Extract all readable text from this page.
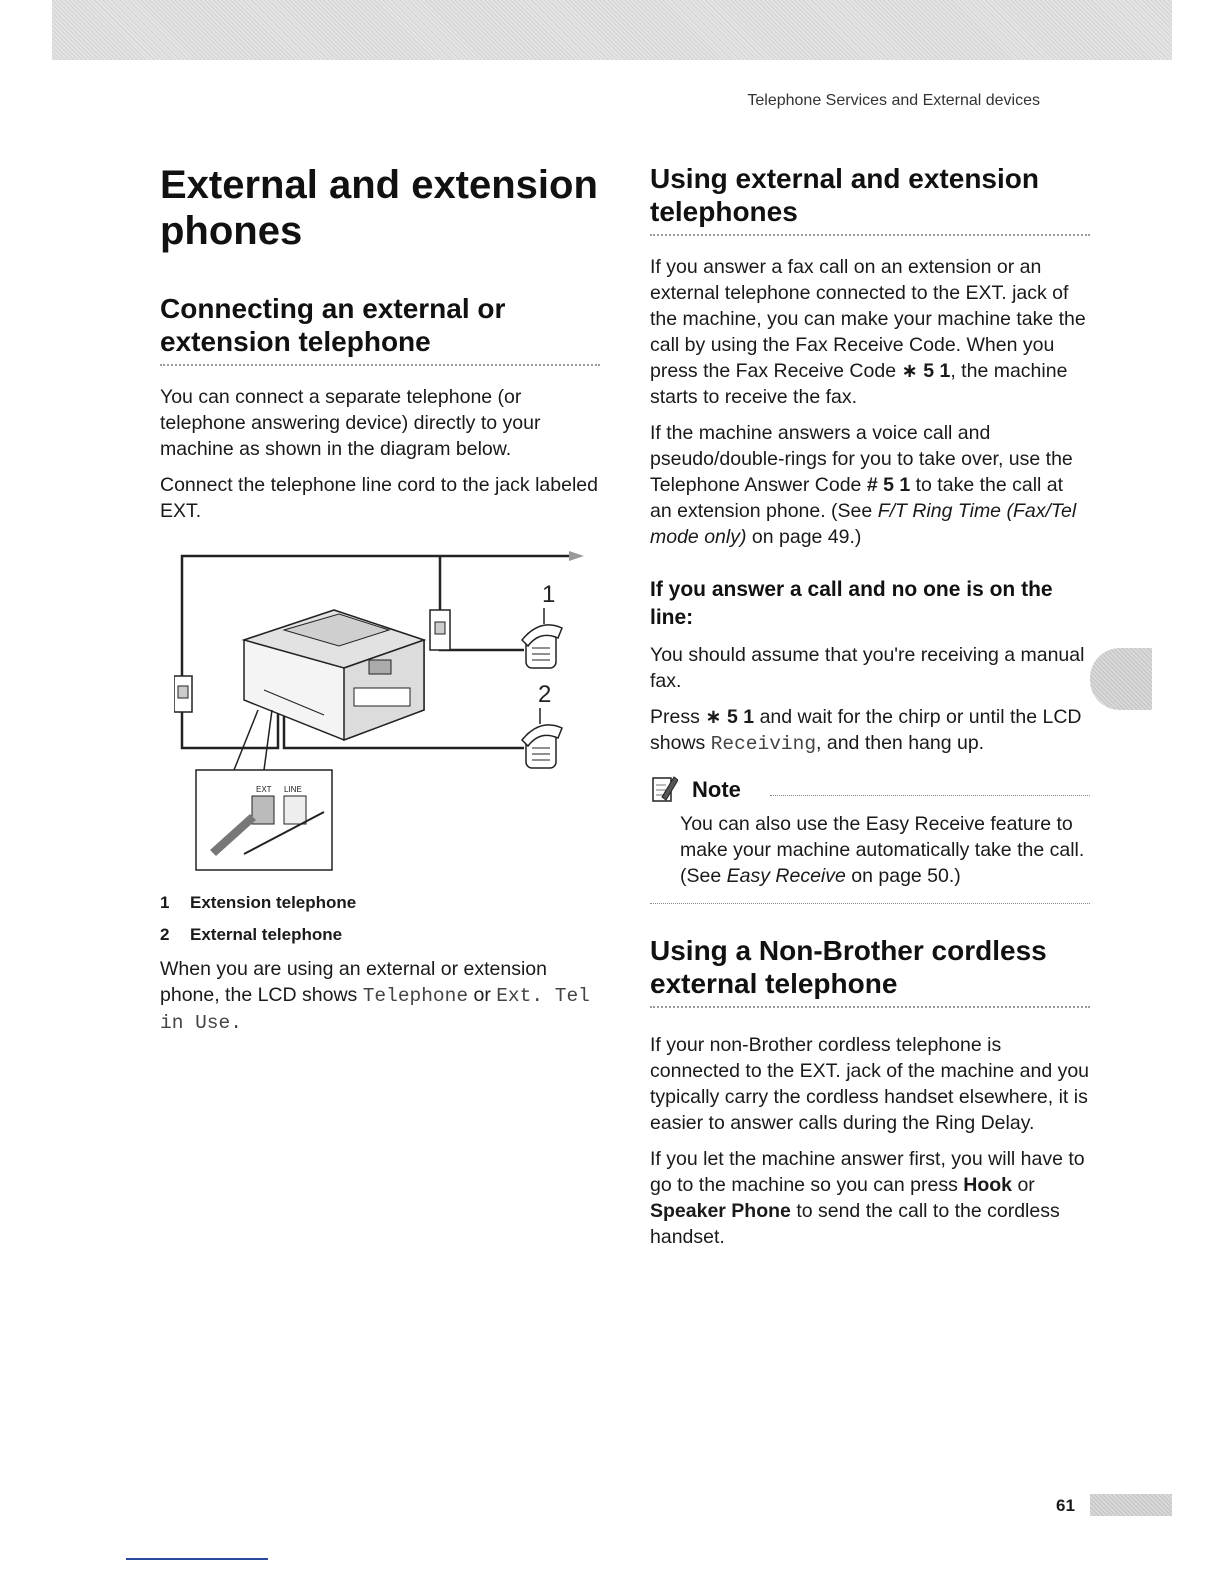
Telephone Services and External devices
External and extension phones
Connecting an external or extension telephone

You can connect a separate telephone (or telephone answering device) directly to your machine as shown in the diagram below.

Connect the telephone line cord to the jack labeled EXT.

1
2
EXT LINE
1 Extension telephone
2 External telephone

When you are using an external or extension phone, the LCD shows Telephone or Ext. Tel in Use.

Using external and extension telephones

If you answer a fax call on an extension or an external telephone connected to the EXT. jack of the machine, you can make your machine take the call by using the Fax Receive Code. When you press the Fax Receive Code ∗ 5 1, the machine starts to receive the fax.

If the machine answers a voice call and pseudo/double-rings for you to take over, use the Telephone Answer Code # 5 1 to take the call at an extension phone. (See F/T Ring Time (Fax/Tel mode only) on page 49.)

If you answer a call and no one is on the line:

You should assume that you're receiving a manual fax.

Press ∗ 5 1 and wait for the chirp or until the LCD shows Receiving, and then hang up.

Note

You can also use the Easy Receive feature to make your machine automatically take the call. (See Easy Receive on page 50.)

Using a Non-Brother cordless external telephone

If your non-Brother cordless telephone is connected to the EXT. jack of the machine and you typically carry the cordless handset elsewhere, it is easier to answer calls during the Ring Delay.

If you let the machine answer first, you will have to go to the machine so you can press Hook or Speaker Phone to send the call to the cordless handset.

61
